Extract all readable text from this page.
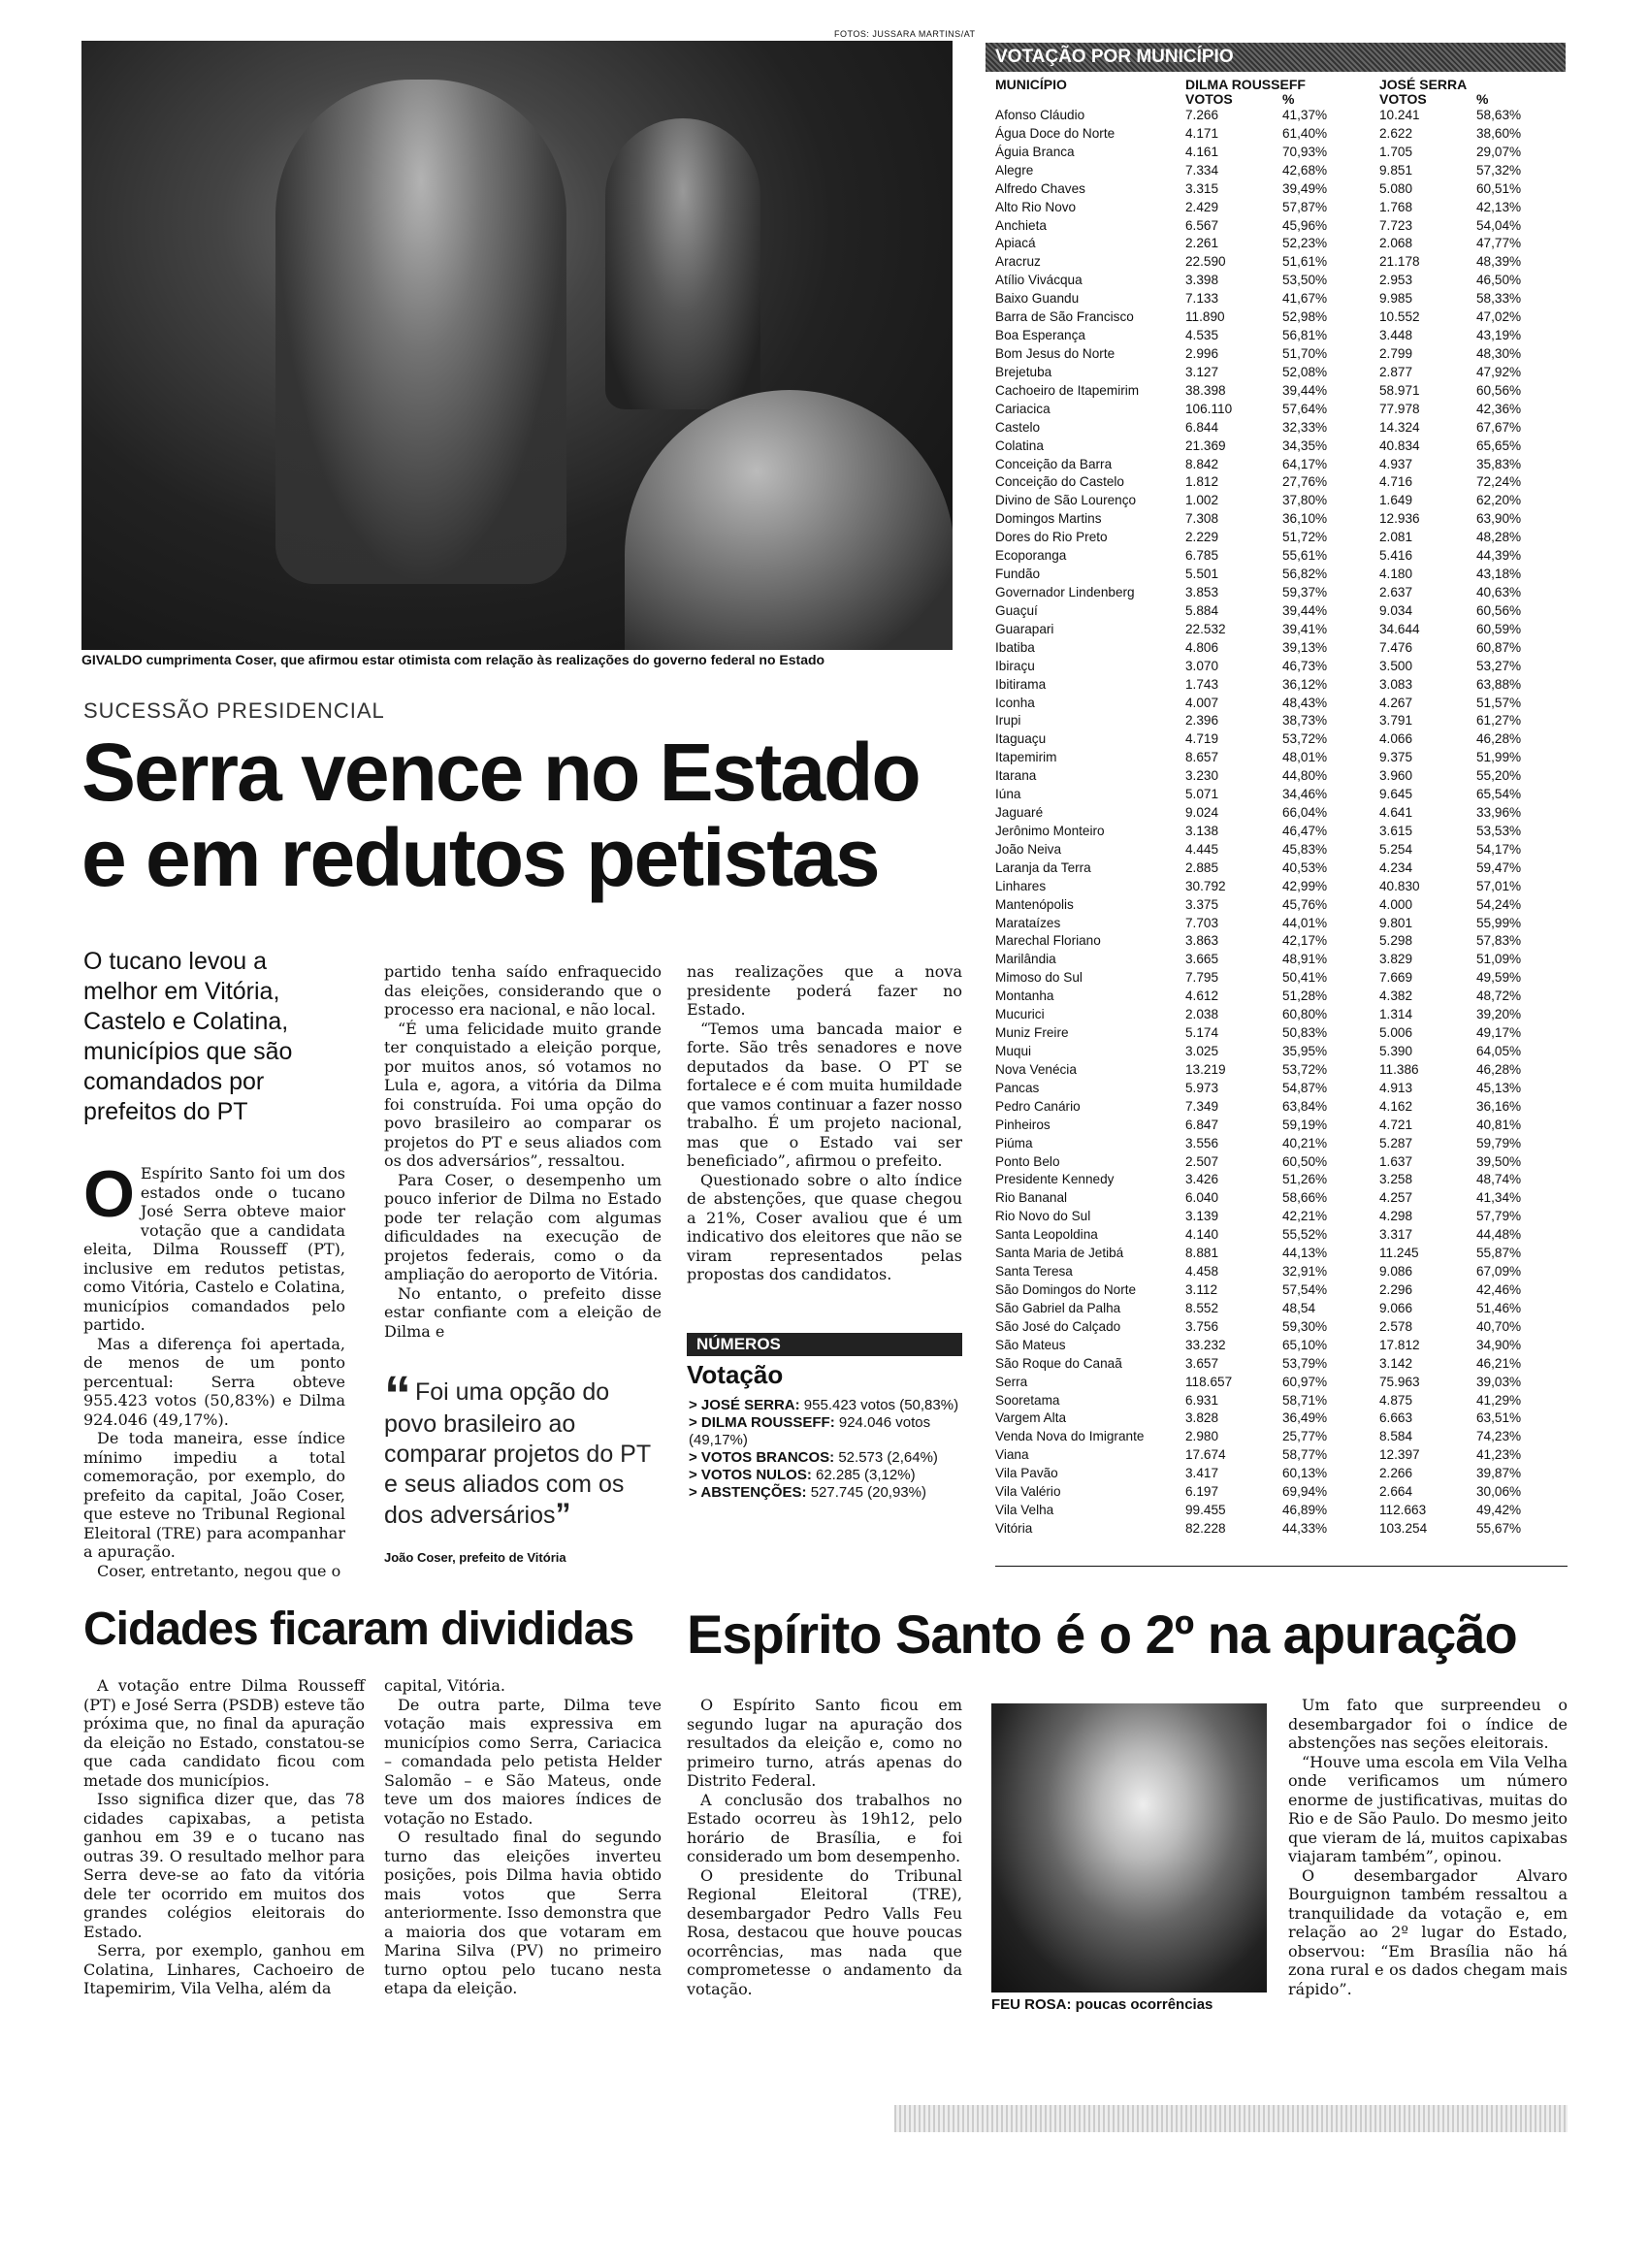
FOTOS: JUSSARA MARTINS/AT
GIVALDO cumprimenta Coser, que afirmou estar otimista com relação às realizações do governo federal no Estado
SUCESSÃO PRESIDENCIAL
Serra vence no Estado
e em redutos petistas
O tucano levou a melhor em Vitória, Castelo e Colatina, municípios que são comandados por prefeitos do PT

O Espírito Santo foi um dos estados onde o tucano José Serra obteve maior votação que a candidata eleita, Dilma Rousseff (PT), inclusive em redutos petistas, como Vitória, Castelo e Colatina, municípios comandados pelo partido.

Mas a diferença foi apertada, de menos de um ponto percentual: Serra obteve 955.423 votos (50,83%) e Dilma 924.046 (49,17%).

De toda maneira, esse índice mínimo impediu a total comemoração, por exemplo, do prefeito da capital, João Coser, que esteve no Tribunal Regional Eleitoral (TRE) para acompanhar a apuração.

Coser, entretanto, negou que o

partido tenha saído enfraquecido das eleições, considerando que o processo era nacional, e não local.

“É uma felicidade muito grande ter conquistado a eleição porque, por muitos anos, só votamos no Lula e, agora, a vitória da Dilma foi construída. Foi uma opção do povo brasileiro ao comparar os projetos do PT e seus aliados com os dos adversários”, ressaltou.

Para Coser, o desempenho um pouco inferior de Dilma no Estado pode ter relação com algumas dificuldades na execução de projetos federais, como o da ampliação do aeroporto de Vitória.

No entanto, o prefeito disse estar confiante com a eleição de Dilma e

“ Foi uma opção do povo brasileiro ao comparar projetos do PT e seus aliados com os dos adversários”
João Coser, prefeito de Vitória

nas realizações que a nova presidente poderá fazer no Estado.

“Temos uma bancada maior e forte. São três senadores e nove deputados da base. O PT se fortalece e é com muita humildade que vamos continuar a fazer nosso trabalho. É um projeto nacional, mas que o Estado vai ser beneficiado”, afirmou o prefeito.

Questionado sobre o alto índice de abstenções, que quase chegou a 21%, Coser avaliou que é um indicativo dos eleitores que não se viram representados pelas propostas dos candidatos.

NÚMEROS
Votação
> JOSÉ SERRA: 955.423 votos (50,83%)
> DILMA ROUSSEFF: 924.046 votos (49,17%)
> VOTOS BRANCOS: 52.573 (2,64%)
> VOTOS NULOS: 62.285 (3,12%)
> ABSTENÇÕES: 527.745 (20,93%)
VOTAÇÃO POR MUNICÍPIO
MUNICÍPIO	DILMA ROUSSEFF		JOSÉ SERRA	
	VOTOS	%	VOTOS	%
Afonso Cláudio	7.266	41,37%	10.241	58,63%
Água Doce do Norte	4.171	61,40%	2.622	38,60%
Águia Branca	4.161	70,93%	1.705	29,07%
Alegre	7.334	42,68%	9.851	57,32%
Alfredo Chaves	3.315	39,49%	5.080	60,51%
Alto Rio Novo	2.429	57,87%	1.768	42,13%
Anchieta	6.567	45,96%	7.723	54,04%
Apiacá	2.261	52,23%	2.068	47,77%
Aracruz	22.590	51,61%	21.178	48,39%
Atílio Vivácqua	3.398	53,50%	2.953	46,50%
Baixo Guandu	7.133	41,67%	9.985	58,33%
Barra de São Francisco	11.890	52,98%	10.552	47,02%
Boa Esperança	4.535	56,81%	3.448	43,19%
Bom Jesus do Norte	2.996	51,70%	2.799	48,30%
Brejetuba	3.127	52,08%	2.877	47,92%
Cachoeiro de Itapemirim	38.398	39,44%	58.971	60,56%
Cariacica	106.110	57,64%	77.978	42,36%
Castelo	6.844	32,33%	14.324	67,67%
Colatina	21.369	34,35%	40.834	65,65%
Conceição da Barra	8.842	64,17%	4.937	35,83%
Conceição do Castelo	1.812	27,76%	4.716	72,24%
Divino de São Lourenço	1.002	37,80%	1.649	62,20%
Domingos Martins	7.308	36,10%	12.936	63,90%
Dores do Rio Preto	2.229	51,72%	2.081	48,28%
Ecoporanga	6.785	55,61%	5.416	44,39%
Fundão	5.501	56,82%	4.180	43,18%
Governador Lindenberg	3.853	59,37%	2.637	40,63%
Guaçuí	5.884	39,44%	9.034	60,56%
Guarapari	22.532	39,41%	34.644	60,59%
Ibatiba	4.806	39,13%	7.476	60,87%
Ibiraçu	3.070	46,73%	3.500	53,27%
Ibitirama	1.743	36,12%	3.083	63,88%
Iconha	4.007	48,43%	4.267	51,57%
Irupi	2.396	38,73%	3.791	61,27%
Itaguaçu	4.719	53,72%	4.066	46,28%
Itapemirim	8.657	48,01%	9.375	51,99%
Itarana	3.230	44,80%	3.960	55,20%
Iúna	5.071	34,46%	9.645	65,54%
Jaguaré	9.024	66,04%	4.641	33,96%
Jerônimo Monteiro	3.138	46,47%	3.615	53,53%
João Neiva	4.445	45,83%	5.254	54,17%
Laranja da Terra	2.885	40,53%	4.234	59,47%
Linhares	30.792	42,99%	40.830	57,01%
Mantenópolis	3.375	45,76%	4.000	54,24%
Marataízes	7.703	44,01%	9.801	55,99%
Marechal Floriano	3.863	42,17%	5.298	57,83%
Marilândia	3.665	48,91%	3.829	51,09%
Mimoso do Sul	7.795	50,41%	7.669	49,59%
Montanha	4.612	51,28%	4.382	48,72%
Mucurici	2.038	60,80%	1.314	39,20%
Muniz Freire	5.174	50,83%	5.006	49,17%
Muqui	3.025	35,95%	5.390	64,05%
Nova Venécia	13.219	53,72%	11.386	46,28%
Pancas	5.973	54,87%	4.913	45,13%
Pedro Canário	7.349	63,84%	4.162	36,16%
Pinheiros	6.847	59,19%	4.721	40,81%
Piúma	3.556	40,21%	5.287	59,79%
Ponto Belo	2.507	60,50%	1.637	39,50%
Presidente Kennedy	3.426	51,26%	3.258	48,74%
Rio Bananal	6.040	58,66%	4.257	41,34%
Rio Novo do Sul	3.139	42,21%	4.298	57,79%
Santa Leopoldina	4.140	55,52%	3.317	44,48%
Santa Maria de Jetibá	8.881	44,13%	11.245	55,87%
Santa Teresa	4.458	32,91%	9.086	67,09%
São Domingos do Norte	3.112	57,54%	2.296	42,46%
São Gabriel da Palha	8.552	48,54	9.066	51,46%
São José do Calçado	3.756	59,30%	2.578	40,70%
São Mateus	33.232	65,10%	17.812	34,90%
São Roque do Canaã	3.657	53,79%	3.142	46,21%
Serra	118.657	60,97%	75.963	39,03%
Sooretama	6.931	58,71%	4.875	41,29%
Vargem Alta	3.828	36,49%	6.663	63,51%
Venda Nova do Imigrante	2.980	25,77%	8.584	74,23%
Viana	17.674	58,77%	12.397	41,23%
Vila Pavão	3.417	60,13%	2.266	39,87%
Vila Valério	6.197	69,94%	2.664	30,06%
Vila Velha	99.455	46,89%	112.663	49,42%
Vitória	82.228	44,33%	103.254	55,67%
Cidades ficaram divididas

A votação entre Dilma Rousseff (PT) e José Serra (PSDB) esteve tão próxima que, no final da apuração da eleição no Estado, constatou-se que cada candidato ficou com metade dos municípios.

Isso significa dizer que, das 78 cidades capixabas, a petista ganhou em 39 e o tucano nas outras 39. O resultado melhor para Serra deve-se ao fato da vitória dele ter ocorrido em muitos dos grandes colégios eleitorais do Estado.

Serra, por exemplo, ganhou em Colatina, Linhares, Cachoeiro de Itapemirim, Vila Velha, além da

capital, Vitória.

De outra parte, Dilma teve votação mais expressiva em municípios como Serra, Cariacica – comandada pelo petista Helder Salomão – e São Mateus, onde teve um dos maiores índices de votação no Estado.

O resultado final do segundo turno das eleições inverteu posições, pois Dilma havia obtido mais votos que Serra anteriormente. Isso demonstra que a maioria dos que votaram em Marina Silva (PV) no primeiro turno optou pelo tucano nesta etapa da eleição.

Espírito Santo é o 2º na apuração

O Espírito Santo ficou em segundo lugar na apuração dos resultados da eleição e, como no primeiro turno, atrás apenas do Distrito Federal.

A conclusão dos trabalhos no Estado ocorreu às 19h12, pelo horário de Brasília, e foi considerado um bom desempenho.

O presidente do Tribunal Regional Eleitoral (TRE), desembargador Pedro Valls Feu Rosa, destacou que houve poucas ocorrências, mas nada que comprometesse o andamento da votação.

FEU ROSA: poucas ocorrências

Um fato que surpreendeu o desembargador foi o índice de abstenções nas seções eleitorais.

“Houve uma escola em Vila Velha onde verificamos um número enorme de justificativas, muitas do Rio e de São Paulo. Do mesmo jeito que vieram de lá, muitos capixabas viajaram também”, opinou.

O desembargador Alvaro Bourguignon também ressaltou a tranquilidade da votação e, em relação ao 2º lugar do Estado, observou: “Em Brasília não há zona rural e os dados chegam mais rápido”.
